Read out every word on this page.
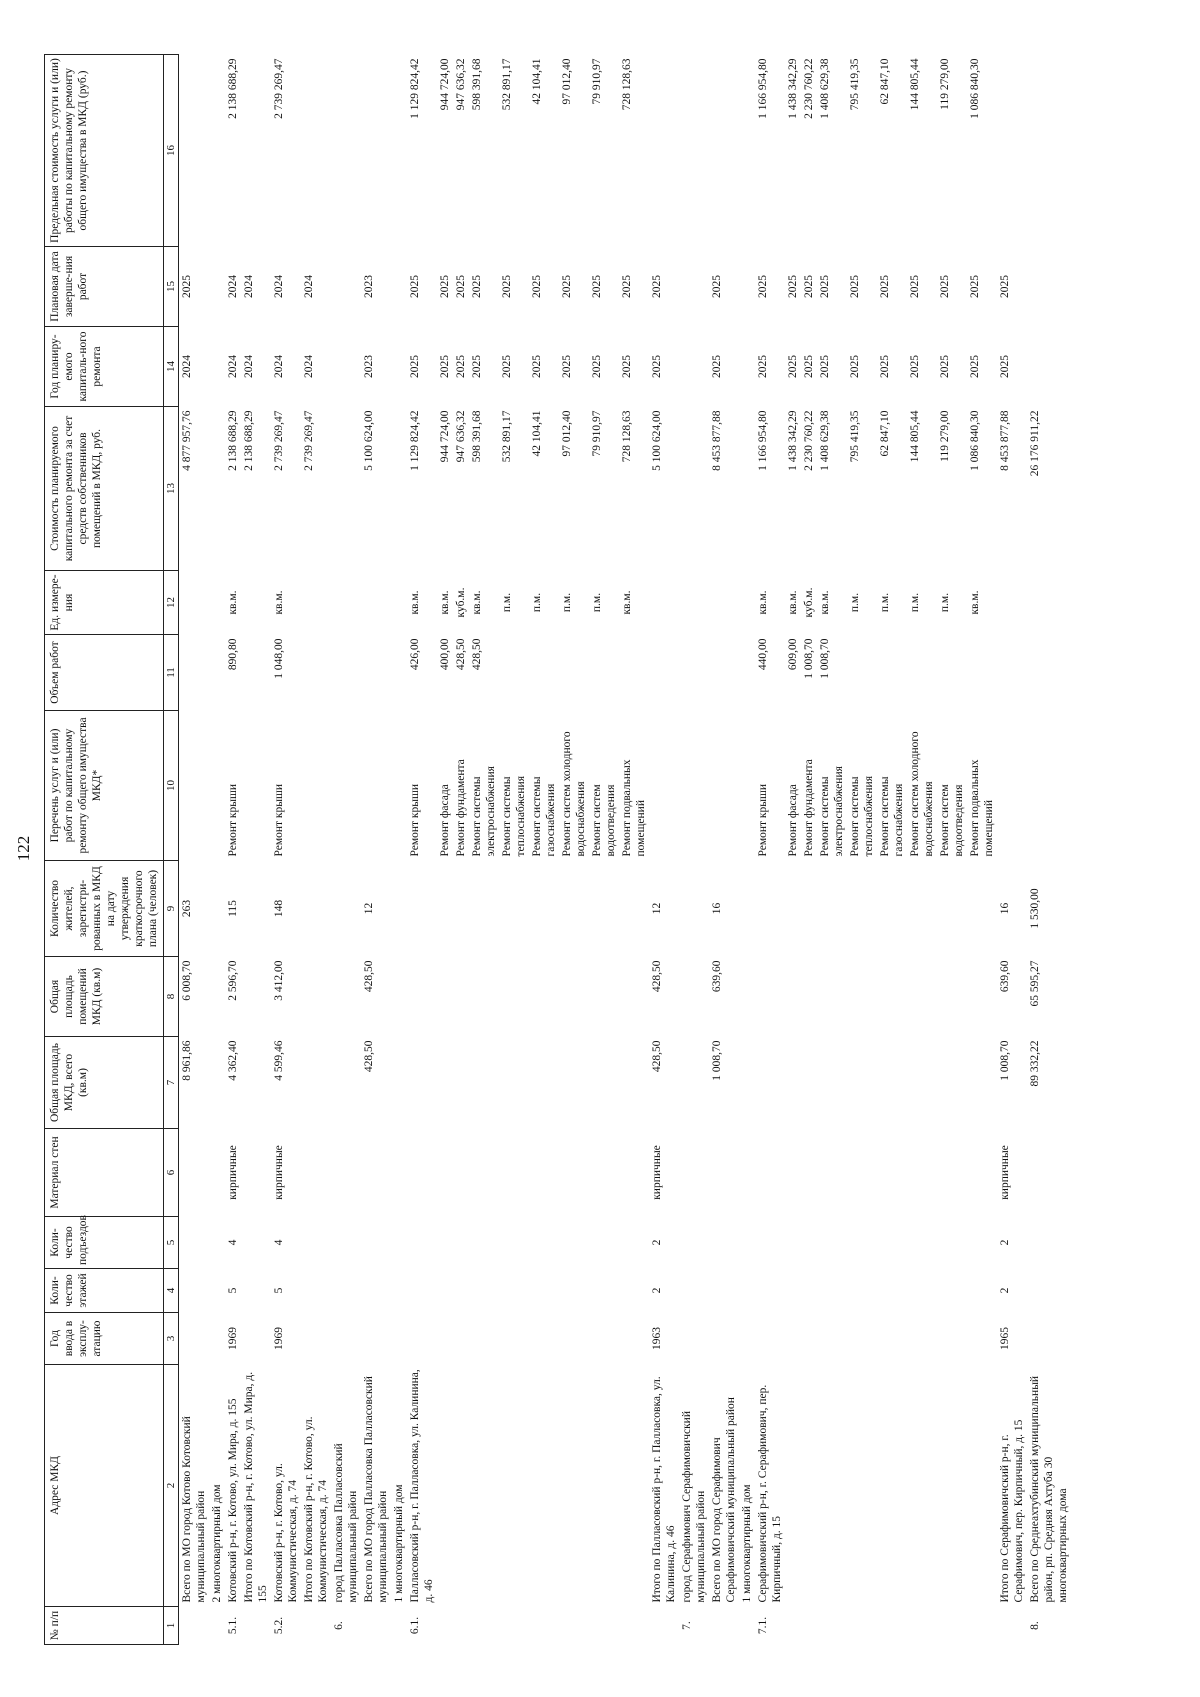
122
№ п/п	Адрес МКД	Год ввода в эксплу-атацию	Коли-чество этажей	Коли-чество подъездов	Материал стен	Общая площадь МКД, всего (кв.м)	Общая площадь помещений МКД (кв.м)	Количество жителей, зарегистри-рованных в МКД на дату утверждения краткосрочного плана (человек)	Перечень услуг и (или) работ по капитальному ремонту общего имущества МКД*	Объем работ	Ед. измере-ния	Стоимость планируемого капитального ремонта за счет средств собственников помещений в МКД, руб.	Год планиру-емого капиталь-ного ремонта	Плановая дата заверше-ния работ	Предельная стоимость услуги и (или) работы по капитальному ремонту общего имущества в МКД (руб.)
1	2	3	4	5	6	7	8	9	10	11	12	13	14	15	16
	Всего по МО город Котово Котовский муниципальный район					8 961,86	6 008,70	263				4 877 957,76	2024	2025	
	2 многоквартирный дом														
5.1.	Котовский р-н, г. Котово, ул. Мира, д. 155	1969	5	4	кирпичные	4 362,40	2 596,70	115	Ремонт крыши	890,80	кв.м.	2 138 688,29	2024	2024	2 138 688,29
	Итого по Котовский р-н, г. Котово, ул. Мира, д. 155											2 138 688,29	2024	2024	
5.2.	Котовский р-н, г. Котово, ул. Коммунистическая, д. 74	1969	5	4	кирпичные	4 599,46	3 412,00	148	Ремонт крыши	1 048,00	кв.м.	2 739 269,47	2024	2024	2 739 269,47
	Итого по Котовский р-н, г. Котово, ул. Коммунистическая, д. 74											2 739 269,47	2024	2024	
6.	город Палласовка Палласовский муниципальный район														
	Всего по МО город Палласовка Палласовский муниципальный район					428,50	428,50	12				5 100 624,00	2023	2023	
	1 многоквартирный дом														
6.1.	Палласовский р-н, г. Палласовка, ул. Калинина, д. 46								Ремонт крыши	426,00	кв.м.	1 129 824,42	2025	2025	1 129 824,42
									Ремонт фасада	400,00	кв.м.	944 724,00	2025	2025	944 724,00
									Ремонт фундамента	428,50	куб.м.	947 636,32	2025	2025	947 636,32
									Ремонт системы электроснабжения	428,50	кв.м.	598 391,68	2025	2025	598 391,68
									Ремонт системы теплоснабжения		п.м.	532 891,17	2025	2025	532 891,17
									Ремонт системы газоснабжения		п.м.	42 104,41	2025	2025	42 104,41
									Ремонт систем холодного водоснабжения		п.м.	97 012,40	2025	2025	97 012,40
									Ремонт систем водоотведения		п.м.	79 910,97	2025	2025	79 910,97
									Ремонт подвальных помещений		кв.м.	728 128,63	2025	2025	728 128,63
	Итого по Палласовский р-н, г. Палласовка, ул. Калинина, д. 46	1963	2	2	кирпичные	428,50	428,50	12				5 100 624,00	2025	2025	
7.	город Серафимович Серафимовичский муниципальный район														
	Всего по МО город Серафимович Серафимовичский муниципальный район					1 008,70	639,60	16				8 453 877,88	2025	2025	
	1 многоквартирный дом														
7.1.	Серафимовичский р-н, г. Серафимович, пер. Кирпичный, д. 15								Ремонт крыши	440,00	кв.м.	1 166 954,80	2025	2025	1 166 954,80
									Ремонт фасада	609,00	кв.м.	1 438 342,29	2025	2025	1 438 342,29
									Ремонт фундамента	1 008,70	куб.м.	2 230 760,22	2025	2025	2 230 760,22
									Ремонт системы электроснабжения	1 008,70	кв.м.	1 408 629,38	2025	2025	1 408 629,38
									Ремонт системы теплоснабжения		п.м.	795 419,35	2025	2025	795 419,35
									Ремонт системы газоснабжения		п.м.	62 847,10	2025	2025	62 847,10
									Ремонт систем холодного водоснабжения		п.м.	144 805,44	2025	2025	144 805,44
									Ремонт систем водоотведения		п.м.	119 279,00	2025	2025	119 279,00
									Ремонт подвальных помещений		кв.м.	1 086 840,30	2025	2025	1 086 840,30
	Итого по Серафимовичский р-н, г. Серафимович, пер. Кирпичный, д. 15	1965	2	2	кирпичные	1 008,70	639,60	16				8 453 877,88	2025	2025	
8.	Всего по Среднеахтубинский муниципальный район, рп. Средняя Ахтуба 30 многоквартирных дома					89 332,22	65 595,27	1 530,00				26 176 911,22			
